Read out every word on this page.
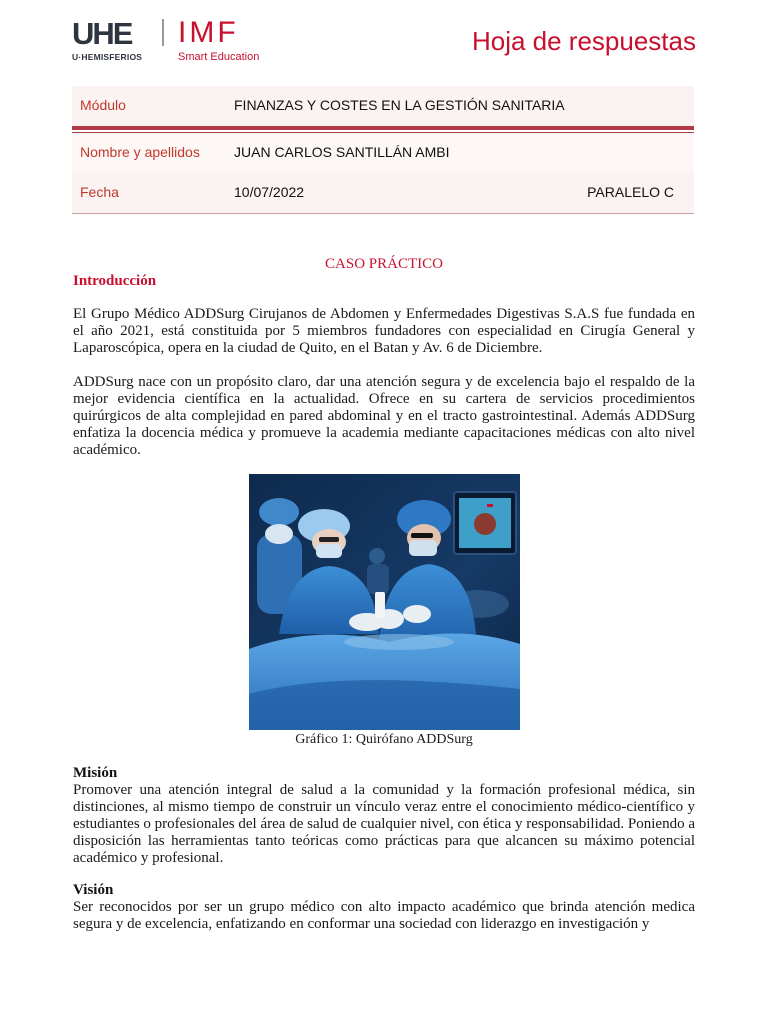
UHE
U·HEMISFERIOS
IMF
Smart Education
Hoja de respuestas
Módulo	FINANZAS Y COSTES EN LA GESTIÓN SANITARIA
Nombre y apellidos JUAN CARLOS SANTILLÁN AMBI
Fecha	10/07/2022	PARALELO C
CASO PRÁCTICO
Introducción
El Grupo Médico ADDSurg Cirujanos de Abdomen y Enfermedades Digestivas S.A.S fue fundada en el año 2021, está constituida por 5 miembros fundadores con especialidad en Cirugía General y Laparoscópica, opera en la ciudad de Quito, en el Batan y Av. 6 de Diciembre.
ADDSurg nace con un propósito claro, dar una atención segura y de excelencia bajo el respaldo de la mejor evidencia científica en la actualidad. Ofrece en su cartera de servicios procedimientos quirúrgicos de alta complejidad en pared abdominal y en el tracto gastrointestinal. Además ADDSurg enfatiza la docencia médica y promueve la academia mediante capacitaciones médicas con alto nivel académico.
Gráfico 1: Quirófano ADDSurg
Misión
Promover una atención integral de salud a la comunidad y la formación profesional médica, sin distinciones, al mismo tiempo de construir un vínculo veraz entre el conocimiento médico-científico y estudiantes o profesionales del área de salud de cualquier nivel, con ética y responsabilidad. Poniendo a disposición las herramientas tanto teóricas como prácticas para que alcancen su máximo potencial académico y profesional.
Visión
Ser reconocidos por ser un grupo médico con alto impacto académico que brinda atención medica segura y de excelencia, enfatizando en conformar una sociedad con liderazgo en investigación y
